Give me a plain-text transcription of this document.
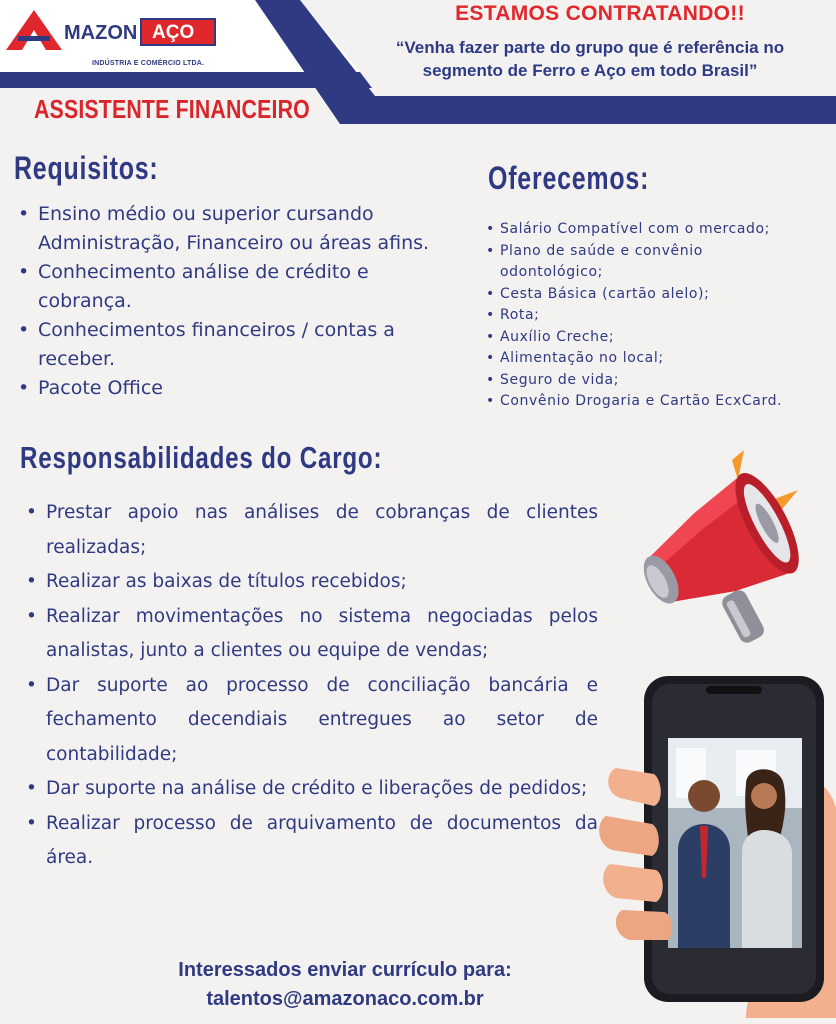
MAZON AÇO
INDÚSTRIA E COMÉRCIO LTDA.
ESTAMOS CONTRATANDO!!
“Venha fazer parte do grupo que é referência no
segmento de Ferro e Aço em todo Brasil”
ASSISTENTE FINANCEIRO
Requisitos:
• Ensino médio ou superior cursando Administração, Financeiro ou áreas afins.
• Conhecimento análise de crédito e cobrança.
• Conhecimentos financeiros / contas a receber.
• Pacote Office
Oferecemos:
• Salário Compatível com o mercado;
• Plano de saúde e convênio odontológico;
• Cesta Básica (cartão alelo);
• Rota;
• Auxílio Creche;
• Alimentação no local;
• Seguro de vida;
• Convênio Drogaria e Cartão EcxCard.
Responsabilidades do Cargo:
• Prestar apoio nas análises de cobranças de clientes realizadas;
• Realizar as baixas de títulos recebidos;
• Realizar movimentações no sistema negociadas pelos analistas, junto a clientes ou equipe de vendas;
• Dar suporte ao processo de conciliação bancária e fechamento decendiais entregues ao setor de contabilidade;
• Dar suporte na análise de crédito e liberações de pedidos;
• Realizar processo de arquivamento de documentos da área.
Interessados enviar currículo para:
talentos@amazonaco.com.br
